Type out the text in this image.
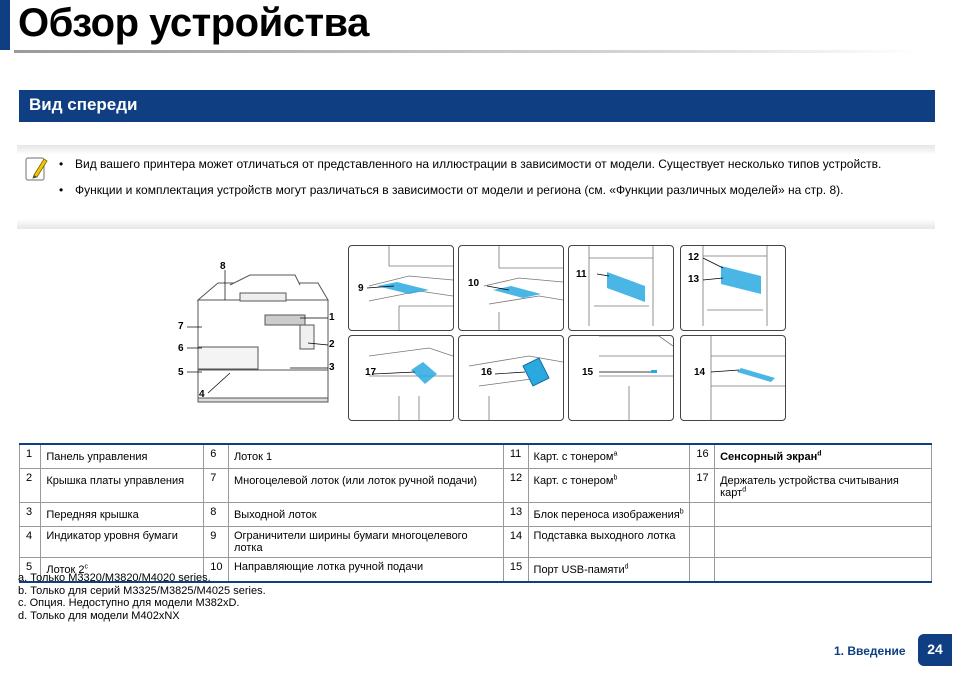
Обзор устройства
Вид спереди
• Вид вашего принтера может отличаться от представленного на иллюстрации в зависимости от модели. Существует несколько типов устройств.
• Функции и комплектация устройств могут различаться в зависимости от модели и региона (см. «Функции различных моделей» на стр. 8).
8
7
6
5
4
1
2
3
9	10
11
12
13
17	16	15	14
1	Панель управления	6	Лоток 1	11	Карт. с тонером$^a$	16	Сенсорный экран$^d$
2	Крышка платы управления	7	Многоцелевой лоток (или лоток ручной подачи)	12	Карт. с тонером$^b$	17	Держатель устройства считывания карт$^d$
3	Передняя крышка	8	Выходной лоток	13	Блок переноса изображения$^b$		
4	Индикатор уровня бумаги	9	Ограничители ширины бумаги многоцелевого лотка	14	Подставка выходного лотка		
5	Лоток 2$^c$	10	Направляющие лотка ручной подачи	15	Порт USB-памяти$^d$		
a. Только M3320/M3820/M4020 series.
b. Только для серий M3325/M3825/M4025 series.
c. Опция. Недоступно для модели M382xD.
d. Только для модели M402xNX
1. Введение	24
